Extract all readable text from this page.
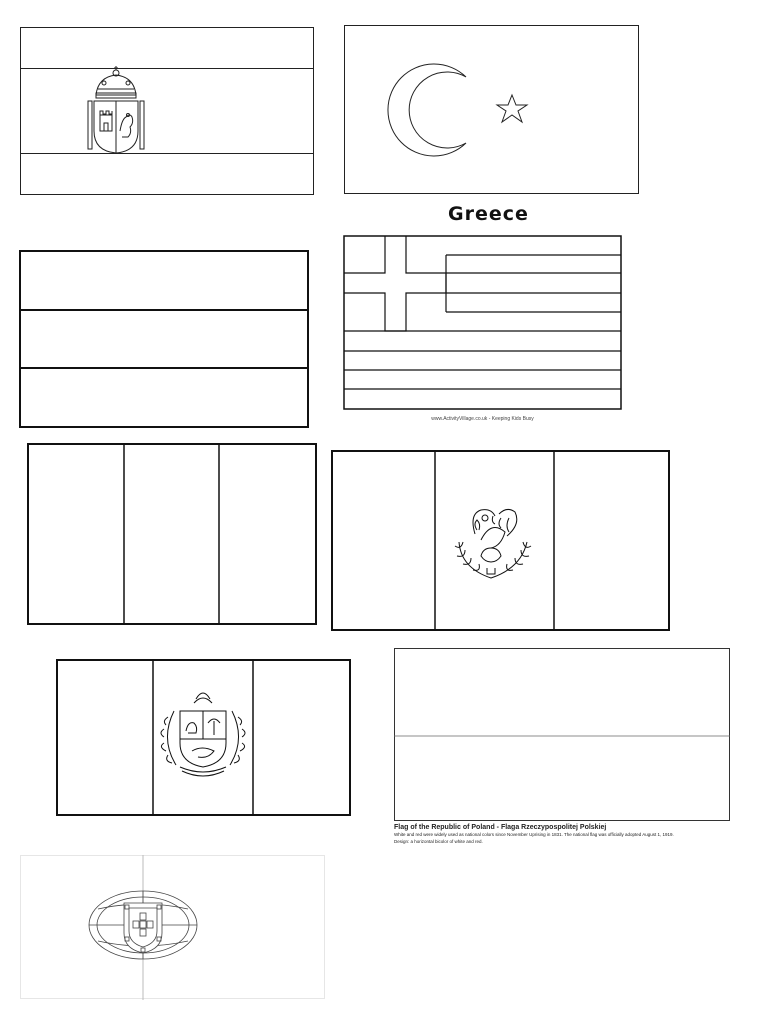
Greece
www.ActivityVillage.co.uk - Keeping Kids Busy
Flag of the Republic of Poland - Flaga Rzeczypospolitej Polskiej
White and red were widely used as national colors since November Uprising in 1831. The national flag was officially adopted August 1, 1919.
Design: a horizontal bicolor of white and red.
